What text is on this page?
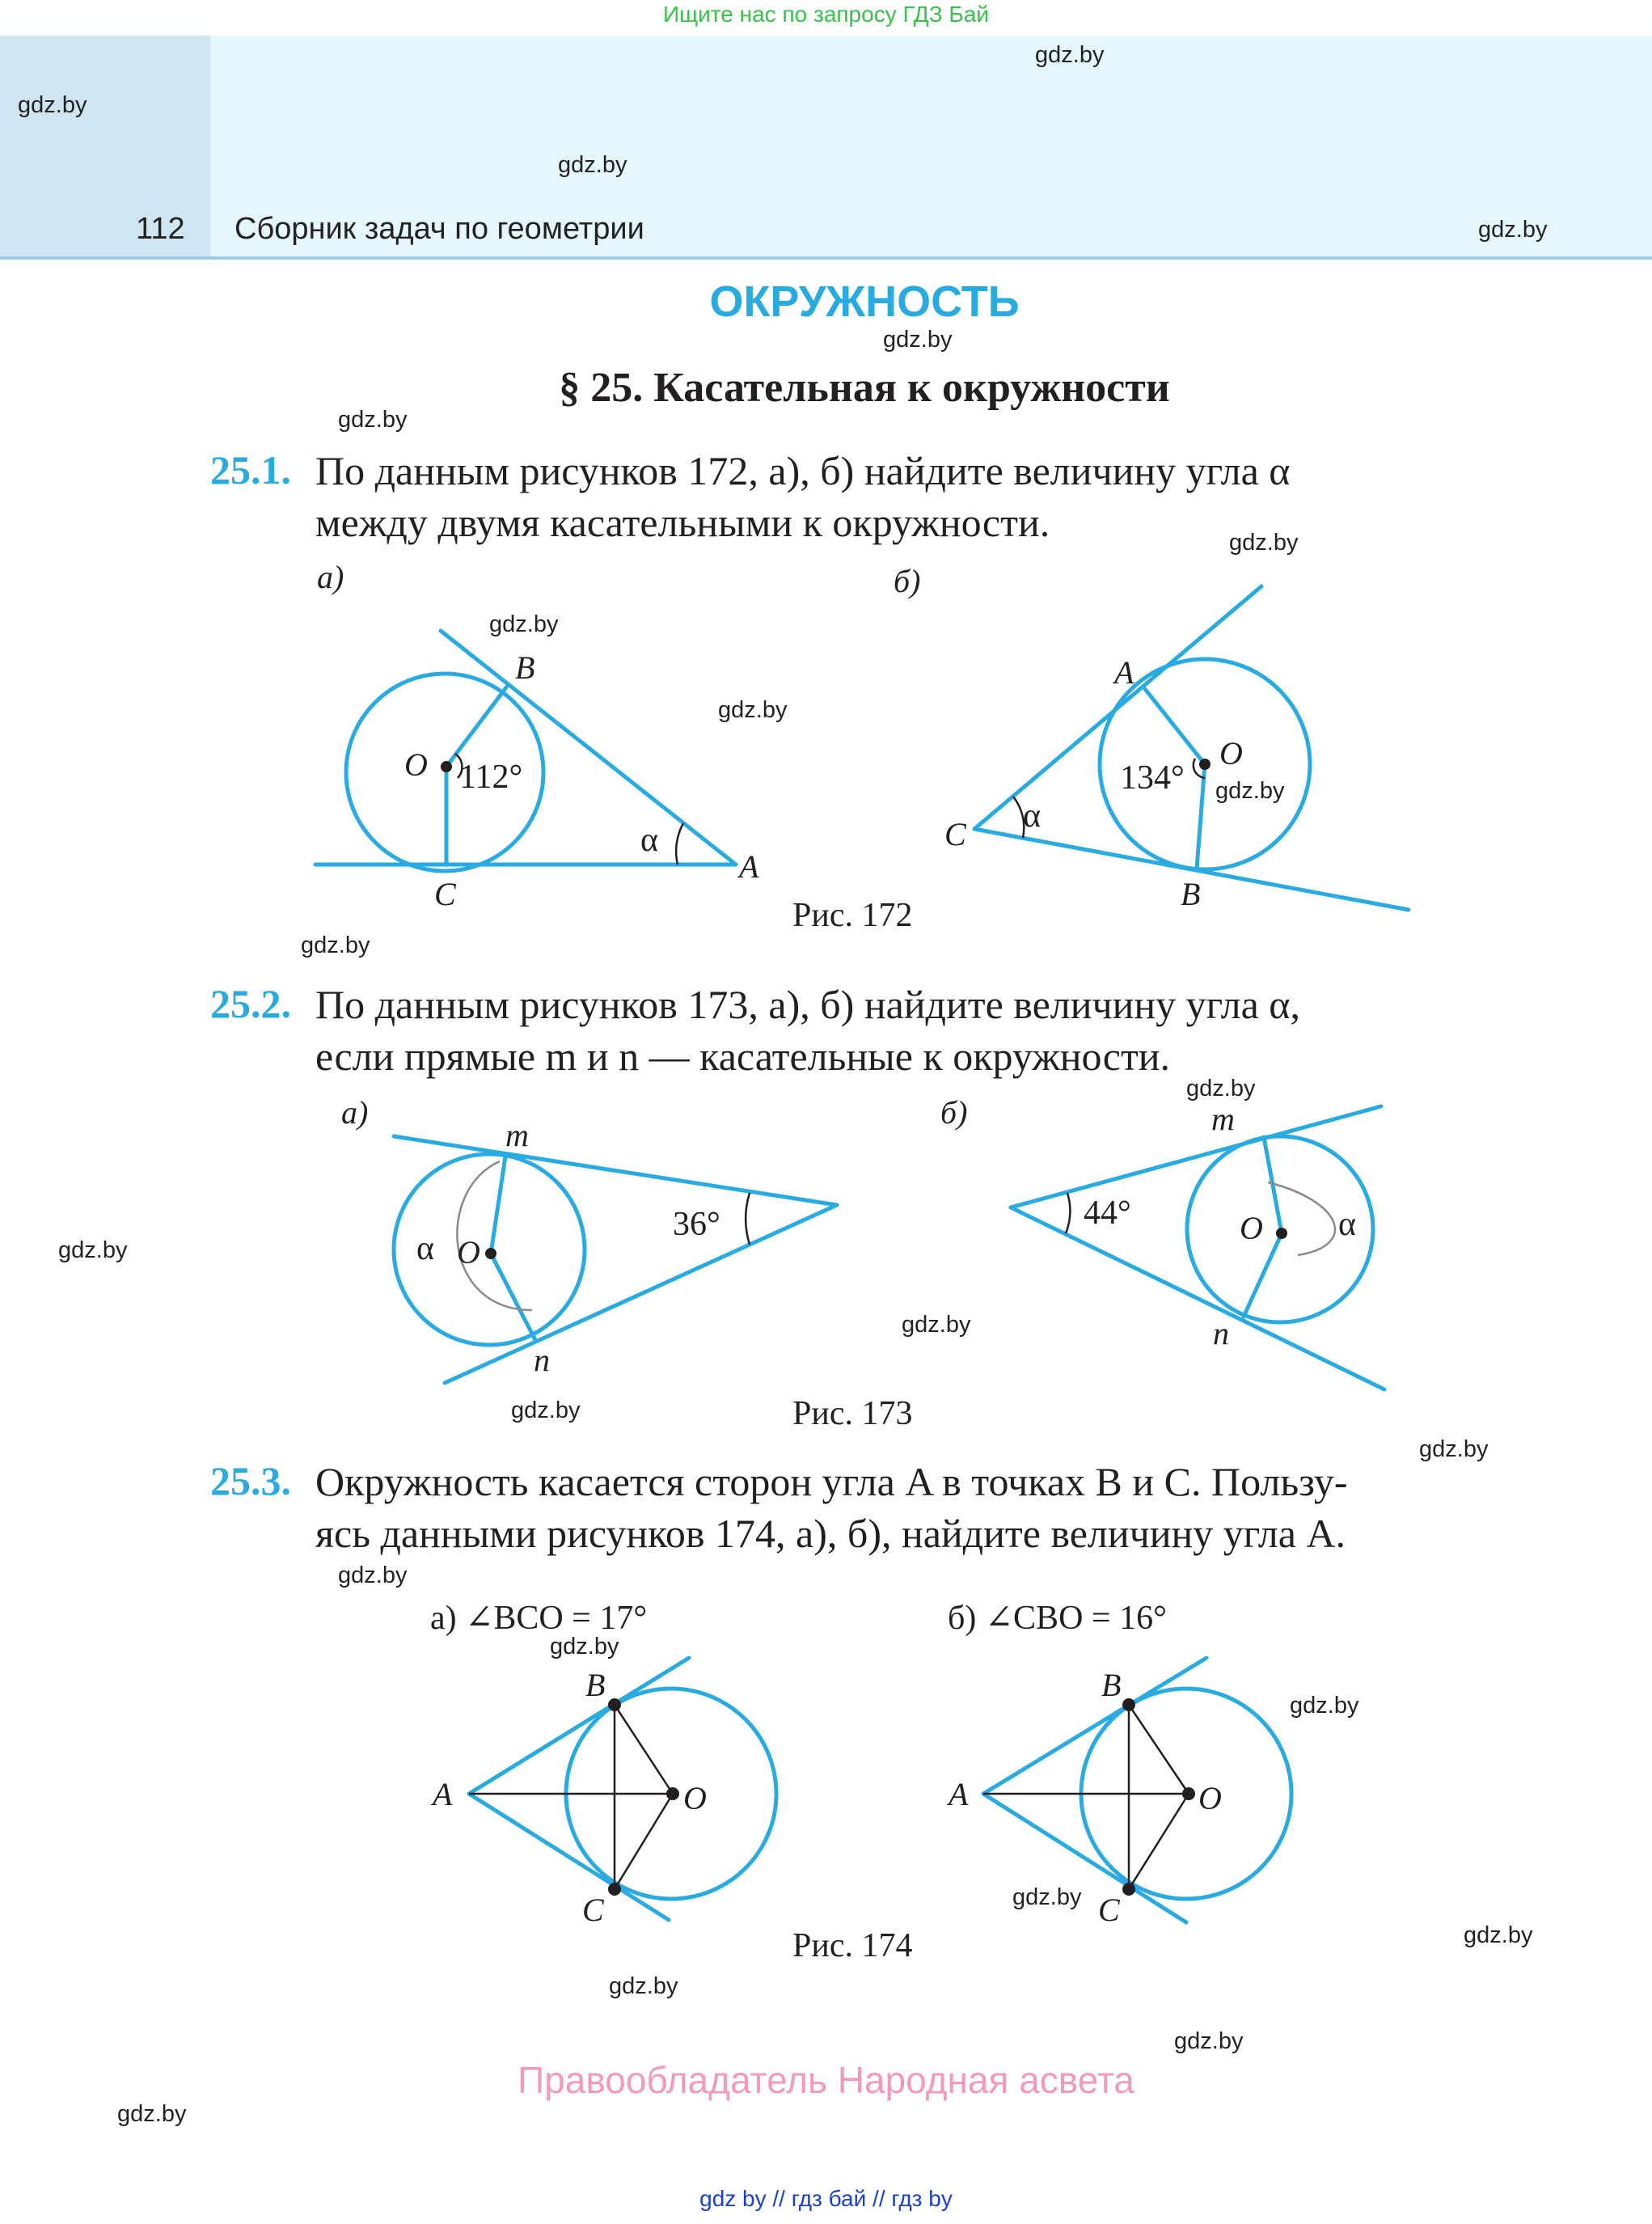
Ищите нас по запросу ГДЗ Бай
112 Сборник задач по геометрии
ОКРУЖНОСТЬ
§ 25. Касательная к окружности
25.1. По данным рисунков 172, а), б) найдите величину угла α
между двумя касательными к окружности.
а)	б)
O
B
C
A
112°
α
A
O
C
B
134°
α
Рис. 172
25.2. По данным рисунков 173, а), б) найдите величину угла α,
если прямые m и n — касательные к окружности.
а)	б)
m
n
O
36°
α
m
n
O
44°	α
Рис. 173
25.3. Окружность касается сторон угла A в точках B и C. Пользу-
ясь данными рисунков 174, а), б), найдите величину угла A.
а) ∠BCO = 17°	б) ∠CBO = 16°
B
A	O
C
B
A	O
C
Рис. 174
gdz.by
gdz.by
gdz.by
gdz.by
gdz.by
gdz.by
gdz.by
gdz.by
gdz.by
gdz.by
gdz.by
gdz.by
gdz.by
gdz.by
gdz.by
gdz.by
gdz.by
gdz.by
gdz.by
gdz.by
gdz.by
gdz.by
gdz.by
gdz.by
Правообладатель Народная асвета
gdz by // гдз бай // гдз by
